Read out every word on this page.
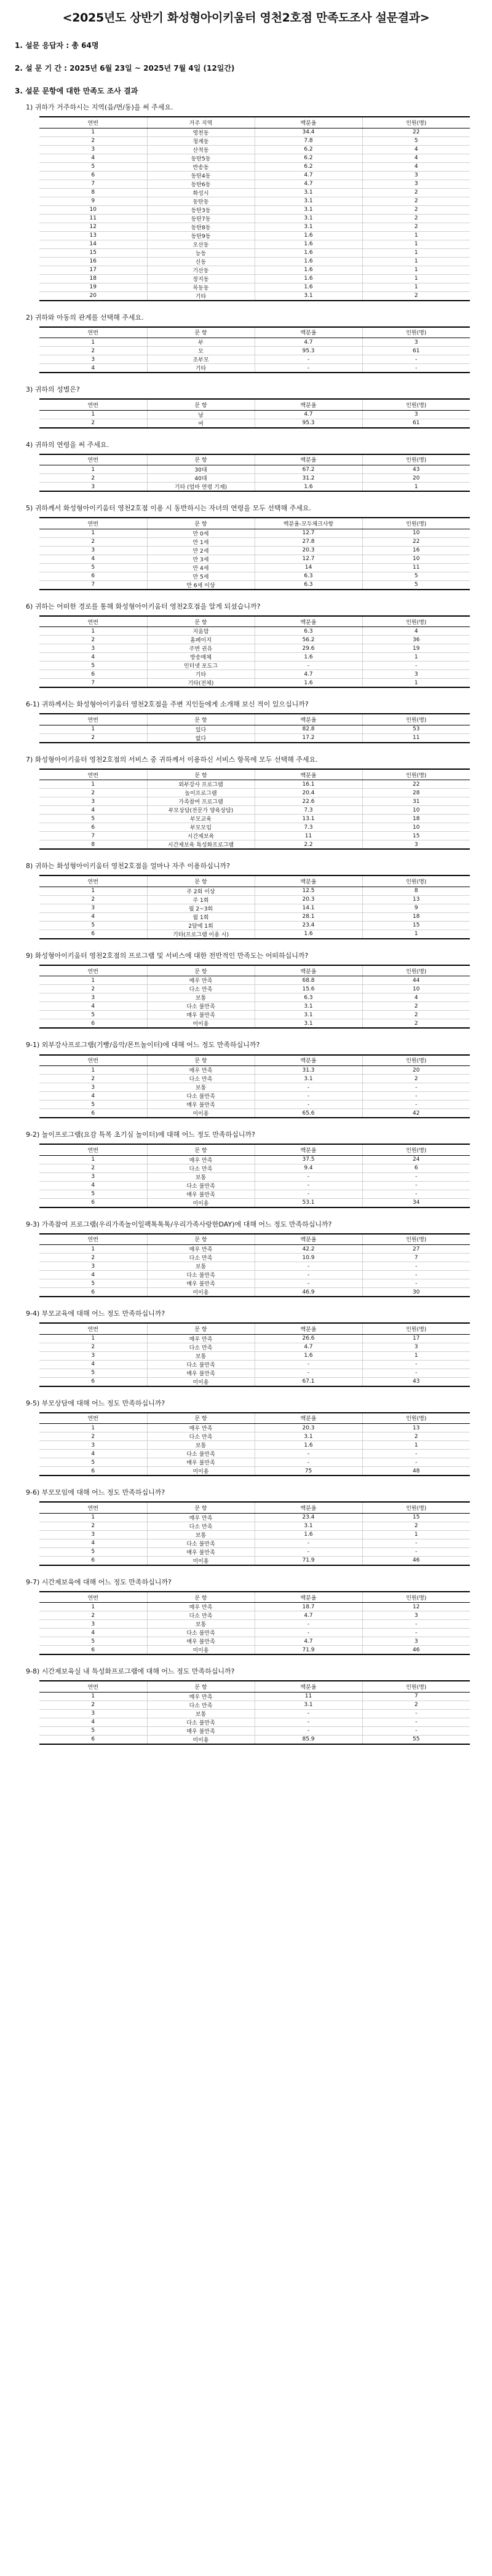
<2025년도 상반기 화성형아이키움터 영천2호점 만족도조사 설문결과>
1. 설문 응답자 : 총 64명
2. 설 문 기 간 : 2025년 6월 23일 ~ 2025년 7월 4일 (12일간)
3. 설문 문항에 대한 만족도 조사 결과
1) 귀하가 거주하시는 지역(읍/면/동)을 써 주세요.
연번	거주 지역	백분율	인원(명)
1	영천동	34.4	22
2	청계동	7.8	5
3	산척동	6.2	4
4	동탄5동	6.2	4
5	반송동	6.2	4
6	동탄4동	4.7	3
7	동탄6동	4.7	3
8	화성시	3.1	2
9	동탄동	3.1	2
10	동탄3동	3.1	2
11	동탄7동	3.1	2
12	동탄8동	3.1	2
13	동탄9동	1.6	1
14	오산동	1.6	1
15	능동	1.6	1
16	신동	1.6	1
17	기산동	1.6	1
18	장지동	1.6	1
19	목동동	1.6	1
20	기타	3.1	2
2) 귀하와 아동의 관계를 선택해 주세요.
연번	문 항	백분율	인원(명)
1	부	4.7	3
2	모	95.3	61
3	조부모	-	-
4	기타	-	-
3) 귀하의 성별은?
연번	문 항	백분율	인원(명)
1	남	4.7	3
2	여	95.3	61
4) 귀하의 연령을 써 주세요.
연번	문 항	백분율	인원(명)
1	30대	67.2	43
2	40대	31.2	20
3	기타 (엄마 연령 기재)	1.6	1
5) 귀하께서 화성형아이키움터 영천2호점 이용 시 동반하시는 자녀의 연령을 모두 선택해 주세요.
연번	문 항	백분율-모두체크사항	인원(명)
1	만 0세	12.7	10
2	만 1세	27.8	22
3	만 2세	20.3	16
4	만 3세	12.7	10
5	만 4세	14	11
6	만 5세	6.3	5
7	만 6세 이상	6.3	5
6) 귀하는 어떠한 경로를 통해 화성형아이키움터 영천2호점을 알게 되셨습니까?
연번	문 항	백분율	인원(명)
1	지움맘	6.3	4
2	홈페이지	56.2	36
3	주변 권유	29.6	19
4	방송매체	1.6	1
5	인터넷 포도그	-	-
6	기타	4.7	3
7	기타(전체)	1.6	1
6-1) 귀하께서는 화성형아이키움터 영천2호점을 주변 지인들에게 소개해 보신 적이 있으십니까?
연번	문 항	백분율	인원(명)
1	있다	82.8	53
2	없다	17.2	11
7) 화성형아이키움터 영천2호점의 서비스 중 귀하께서 이용하신 서비스 항목에 모두 선택해 주세요.
연번	문 항	백분율	인원(명)
1	외부강사 프로그램	16.1	22
2	놀이프로그램	20.4	28
3	가족참여 프로그램	22.6	31
4	부모상담(전문가 양육상담)	7.3	10
5	부모교육	13.1	18
6	부모모임	7.3	10
7	시간제보육	11	15
8	시간제보육 특성화프로그램	2.2	3
8) 귀하는 화성형아이키움터 영천2호점을 얼마나 자주 이용하십니까?
연번	문 항	백분율	인원(명)
1	주 2회 이상	12.5	8
2	주 1회	20.3	13
3	월 2~3회	14.1	9
4	월 1회	28.1	18
5	2달에 1회	23.4	15
6	기타(프로그램 이용 시)	1.6	1
9) 화성형아이키움터 영천2호점의 프로그램 및 서비스에 대한 전반적인 만족도는 어떠하십니까?
연번	문 항	백분율	인원(명)
1	매우 만족	68.8	44
2	다소 만족	15.6	10
3	보통	6.3	4
4	다소 불만족	3.1	2
5	매우 불만족	3.1	2
6	미이용	3.1	2
9-1) 외부강사프로그램(기빵/음악/몬트놀이터)에 대해 어느 정도 만족하십니까?
연번	문 항	백분율	인원(명)
1	매우 만족	31.3	20
2	다소 만족	3.1	2
3	보통	-	-
4	다소 불만족	-	-
5	매우 불만족	-	-
6	미이용	65.6	42
9-2) 놀이프로그램(요감 특복 초기심 놀이터)에 대해 어느 정도 만족하십니까?
연번	문 항	백분율	인원(명)
1	매우 만족	37.5	24
2	다소 만족	9.4	6
3	보통	-	-
4	다소 불만족	-	-
5	매우 불만족	-	-
6	미이용	53.1	34
9-3) 가족참여 프로그램(우리가족놀이일팩톡톡톡/우리가족사랑한DAY)에 대해 어느 정도 만족하십니까?
연번	문 항	백분율	인원(명)
1	매우 만족	42.2	27
2	다소 만족	10.9	7
3	보통	-	-
4	다소 불만족	-	-
5	매우 불만족	-	-
6	미이용	46.9	30
9-4) 부모교육에 대해 어느 정도 만족하십니까?
연번	문 항	백분율	인원(명)
1	매우 만족	26.6	17
2	다소 만족	4.7	3
3	보통	1.6	1
4	다소 불만족	-	-
5	매우 불만족	-	-
6	미이용	67.1	43
9-5) 부모상담에 대해 어느 정도 만족하십니까?
연번	문 항	백분율	인원(명)
1	매우 만족	20.3	13
2	다소 만족	3.1	2
3	보통	1.6	1
4	다소 불만족	-	-
5	매우 불만족	-	-
6	미이용	75	48
9-6) 부모모임에 대해 어느 정도 만족하십니까?
연번	문 항	백분율	인원(명)
1	매우 만족	23.4	15
2	다소 만족	3.1	2
3	보통	1.6	1
4	다소 불만족	-	-
5	매우 불만족	-	-
6	미이용	71.9	46
9-7) 시간제보육에 대해 어느 정도 만족하십니까?
연번	문 항	백분율	인원(명)
1	매우 만족	18.7	12
2	다소 만족	4.7	3
3	보통	-	-
4	다소 불만족	-	-
5	매우 불만족	4.7	3
6	미이용	71.9	46
9-8) 시간제보육실 내 특성화프로그램에 대해 어느 정도 만족하십니까?
연번	문 항	백분율	인원(명)
1	매우 만족	11	7
2	다소 만족	3.1	2
3	보통	-	-
4	다소 불만족	-	-
5	매우 불만족	-	-
6	미이용	85.9	55
